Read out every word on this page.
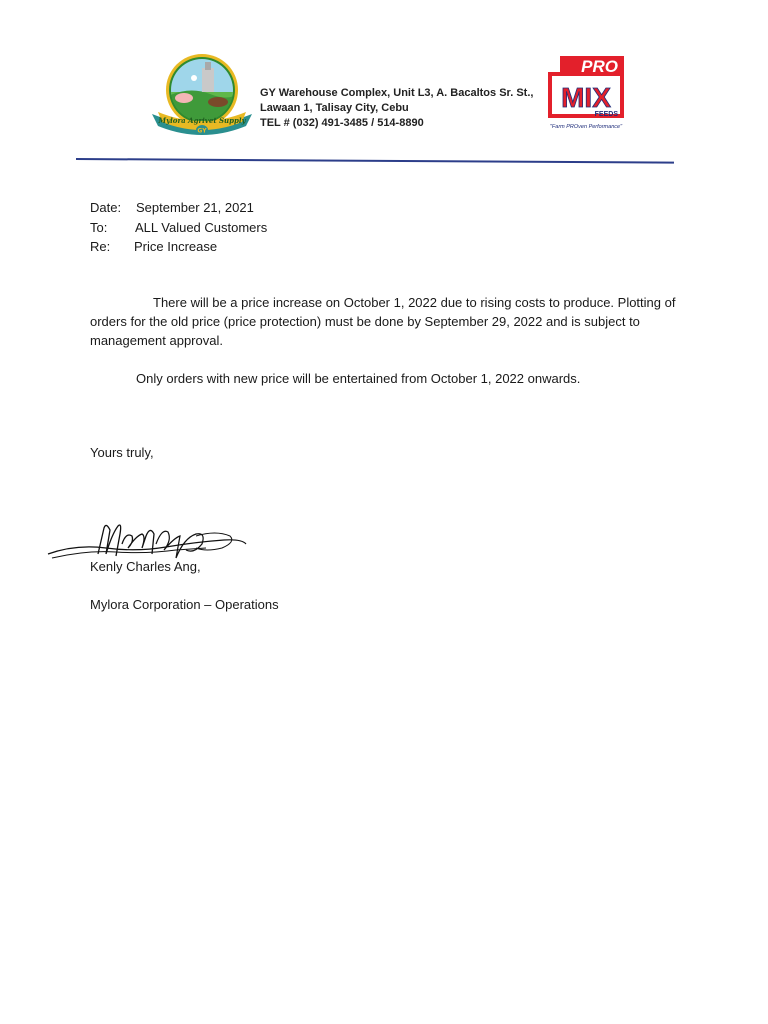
Mylora Agrivet Supply
GY
GY Warehouse Complex, Unit L3, A. Bacaltos Sr. St.,
Lawaan 1, Talisay City, Cebu
TEL # (032) 491-3485 / 514-8890
PRO
MIX
FEEDS
"Farm PROven Performance"
Date: September 21, 2021
To: ALL Valued Customers
Re: Price Increase

There will be a price increase on October 1, 2022 due to rising costs to produce. Plotting of orders for the old price (price protection) must be done by September 29, 2022 and is subject to management approval.

Only orders with new price will be entertained from October 1, 2022 onwards.

Yours truly,
Kenly Charles Ang,
Mylora Corporation – Operations
